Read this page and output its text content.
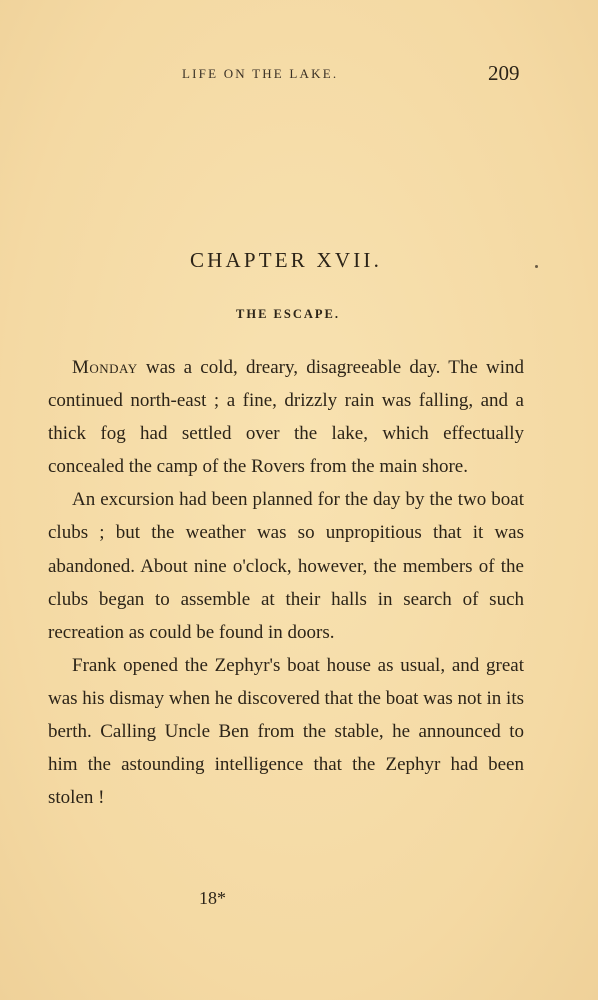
LIFE ON THE LAKE.	209
CHAPTER XVII.
THE ESCAPE.

Monday was a cold, dreary, disagreeable day. The wind continued north-east ; a fine, drizzly rain was falling, and a thick fog had settled over the lake, which effectually concealed the camp of the Rovers from the main shore.

An excursion had been planned for the day by the two boat clubs ; but the weather was so unpropitious that it was abandoned. About nine o'clock, however, the members of the clubs began to assemble at their halls in search of such recreation as could be found in doors.

Frank opened the Zephyr's boat house as usual, and great was his dismay when he discovered that the boat was not in its berth. Calling Uncle Ben from the stable, he announced to him the astounding intelligence that the Zephyr had been stolen !

18*
